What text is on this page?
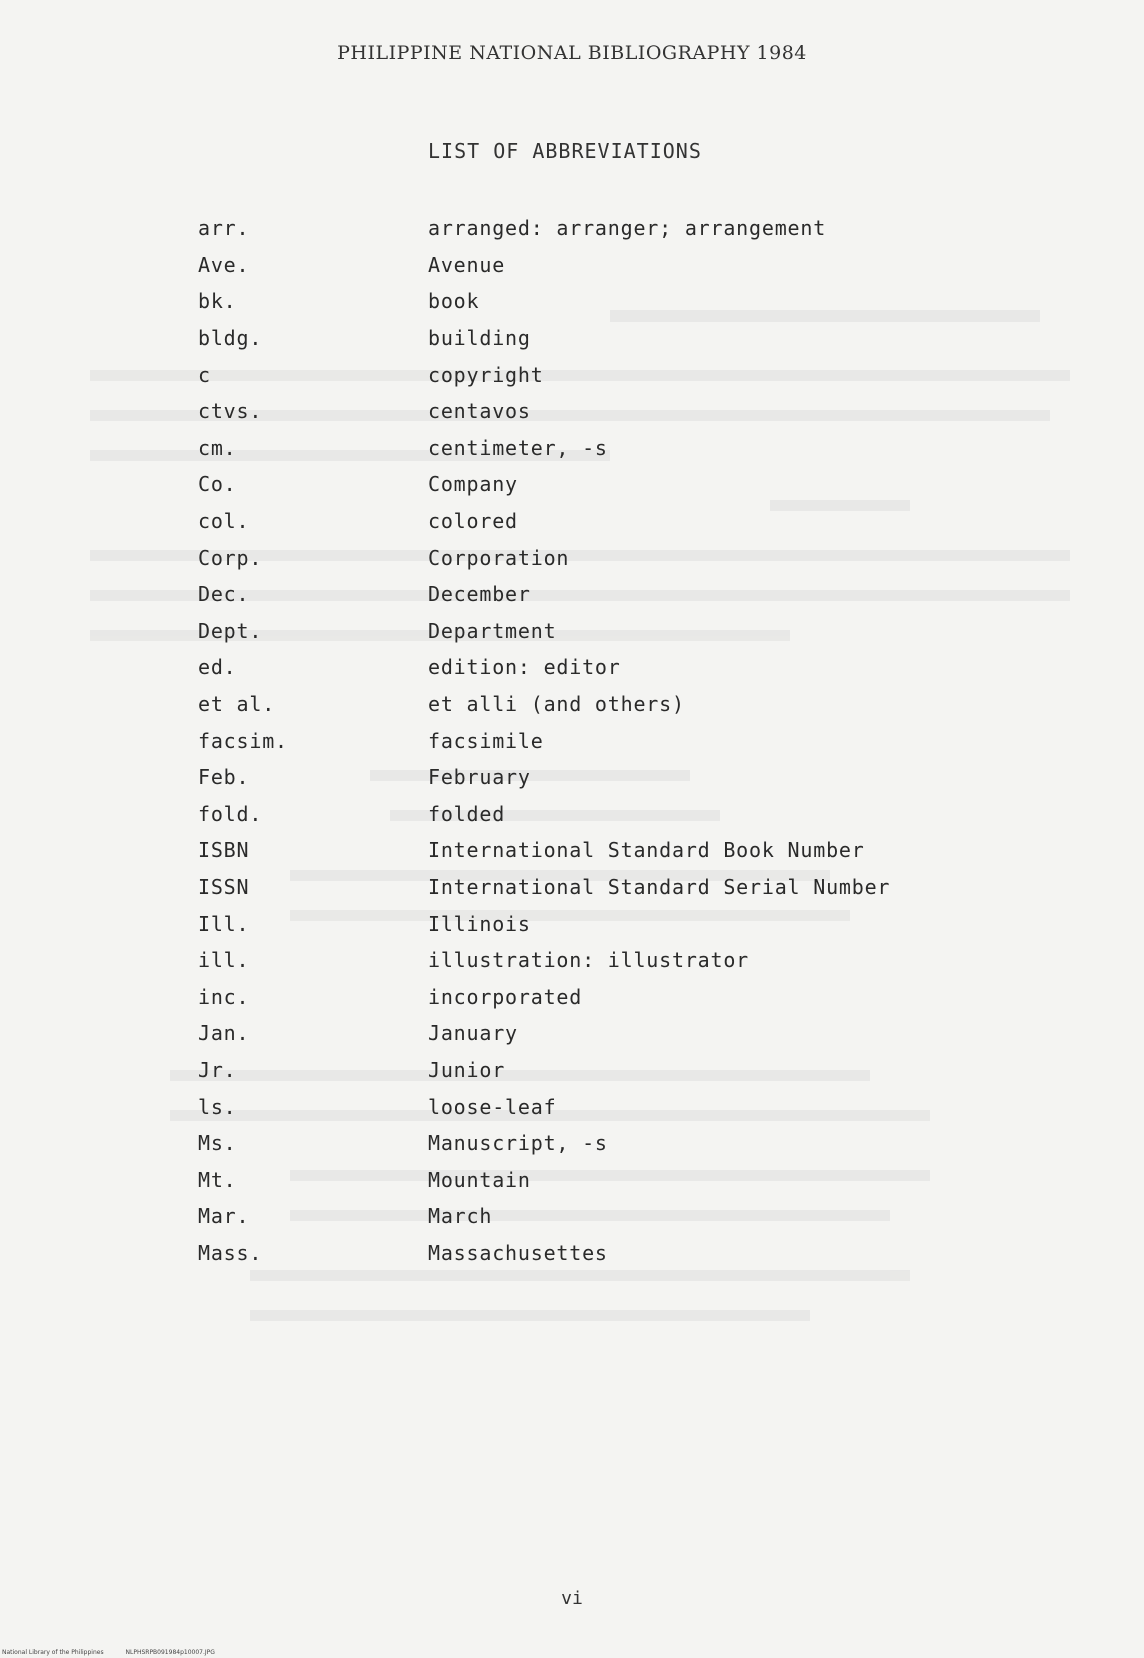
PHILIPPINE NATIONAL BIBLIOGRAPHY 1984
LIST OF ABBREVIATIONS
arr.	arranged: arranger; arrangement
Ave.	Avenue
bk.	book
bldg.	building
c	copyright
ctvs.	centavos
cm.	centimeter, -s
Co.	Company
col.	colored
Corp.	Corporation
Dec.	December
Dept.	Department
ed.	edition: editor
et al.	et alli (and others)
facsim.	facsimile
Feb.	February
fold.	folded
ISBN	International Standard Book Number
ISSN	International Standard Serial Number
Ill.	Illinois
ill.	illustration: illustrator
inc.	incorporated
Jan.	January
Jr.	Junior
ls.	loose-leaf
Ms.	Manuscript, -s
Mt.	Mountain
Mar.	March
Mass.	Massachusettes
vi
National Library of the Philippines	NLPHSRPB091984p10007.JPG
